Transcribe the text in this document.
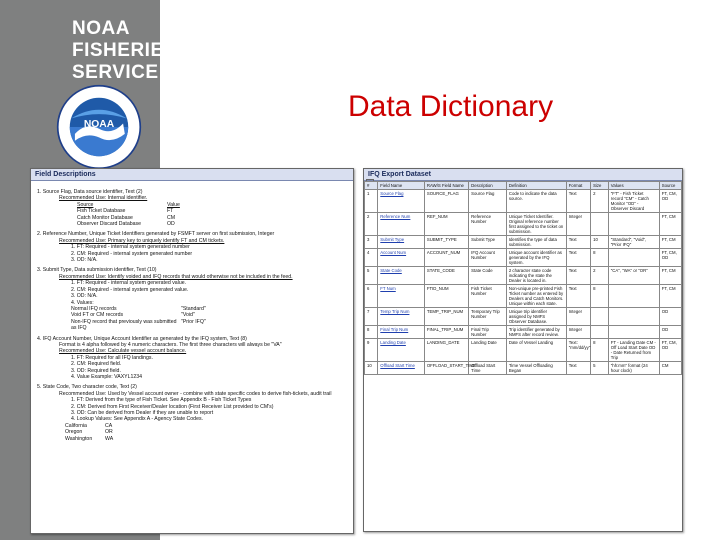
NOAA
FISHERIES
SERVICE
NOAA
Data Dictionary
Field Descriptions
1. Source Flag, Data source identifier, Text (2)
Recommended Use: Internal identifier.
Source	Value
Fish Ticket Database	FT
Catch Monitor Database	CM
Observer Discard Database	OD
2. Reference Number, Unique Ticket Identifiers generated by FSMFT server on first submission, Integer
Recommended Use: Primary key to uniquely identify FT and CM tickets.
1. FT: Required - internal system generated number
2. CM: Required - internal system generated number
3. OD: N/A.
3. Submit Type, Data submission identifier, Text (10)
Recommended Use: Identify voided and IFQ records that would otherwise not be included in the feed.
1. FT: Required - internal system generated value.
2. CM: Required - internal system generated value.
3. OD: N/A.
4. Values:
Normal IFQ records	"Standard"
Void FT or CM records	"Void"
Non-IFQ record that previously was submitted as IFQ
"Prior IFQ"
4. IFQ Account Number, Unique Account Identifier as generated by the IFQ system, Text (8)
Format is 4 alpha followed by 4 numeric characters. The first three characters will always be "VA"
Recommended Use: Calculate vessel account balance.
1. FT: Required for all IFQ landings.
2. CM: Required field.
3. OD: Required field.
4. Value Example: VAXYL1234
5. State Code, Two character code, Text (2)
Recommended Use: Used by Vessel account owner - combine with state specific codes to derive fish-tickets, audit trail
1. FT: Derived from the type of Fish Ticket. See Appendix B - Fish Ticket Types
2. CM: Derived from First Receiver/Dealer location (First Receiver List provided to CM's)
3. OD: Can be derived from Dealer if they are unable to report
4. Lookup Values: See Appendix A - Agency State Codes.
California	CA
Oregon	OR
Washington	WA
IFQ Export Dataset
#	Field Name	RAW/S Field Name	Description	Definition	Format	Size	Values	Source
1	Source Flag	SOURCE_FLAG	Source Flag	Code to indicate the data source.	Text	2	"FT" - Fish Ticket record "CM" - Catch Monitor "OD" - Observer Discard	FT, CM, OD
2	Reference Num	REF_NUM	Reference Number	Unique Ticket Identifier. Original reference number first assigned to the ticket on submission.	Integer			FT, CM
3	Submit Type	SUBMIT_TYPE	Submit Type	Identifies the type of data submission.	Text	10	"Standard", "Void", "Prior IFQ"	FT, CM
4	Account Num	ACCOUNT_NUM	IFQ Account Number	Unique account identifier as generated by the IFQ system.	Text	8		FT, CM, OD
5	State Code	STATE_CODE	State Code	2 character state code indicating the state the Dealer is located in.	Text	2	"CA", "WA" or "OR"	FT, CM
6	FT Num	FTID_NUM	Fish Ticket Number	Non-unique pre-printed Fish Ticket number as entered by Dealers and Catch Monitors. Unique within each state.	Text	8		FT, CM
7	Temp Trip Num	TEMP_TRIP_NUM	Temporary Trip Number	Unique trip identifier assigned by NMFS Observer Database.	Integer			OD
8	Final Trip Num	FINAL_TRIP_NUM	Final Trip Number	Trip identifier generated by NMFS after record review.	Integer			OD
9	Landing Date	LANDING_DATE	Landing Date	Date of Vessel Landing	Text: "mm/dd/yy"	8	FT - Landing Date CM - Off Load Start Date OD - Date Returned from Trip	FT, CM, OD
10	Offload Start Time	OFFLOAD_START_TIME	Offload Start Time	Time Vessel Offloading Began	Text	5	"hh:mm" format (24 hour clock)	CM
